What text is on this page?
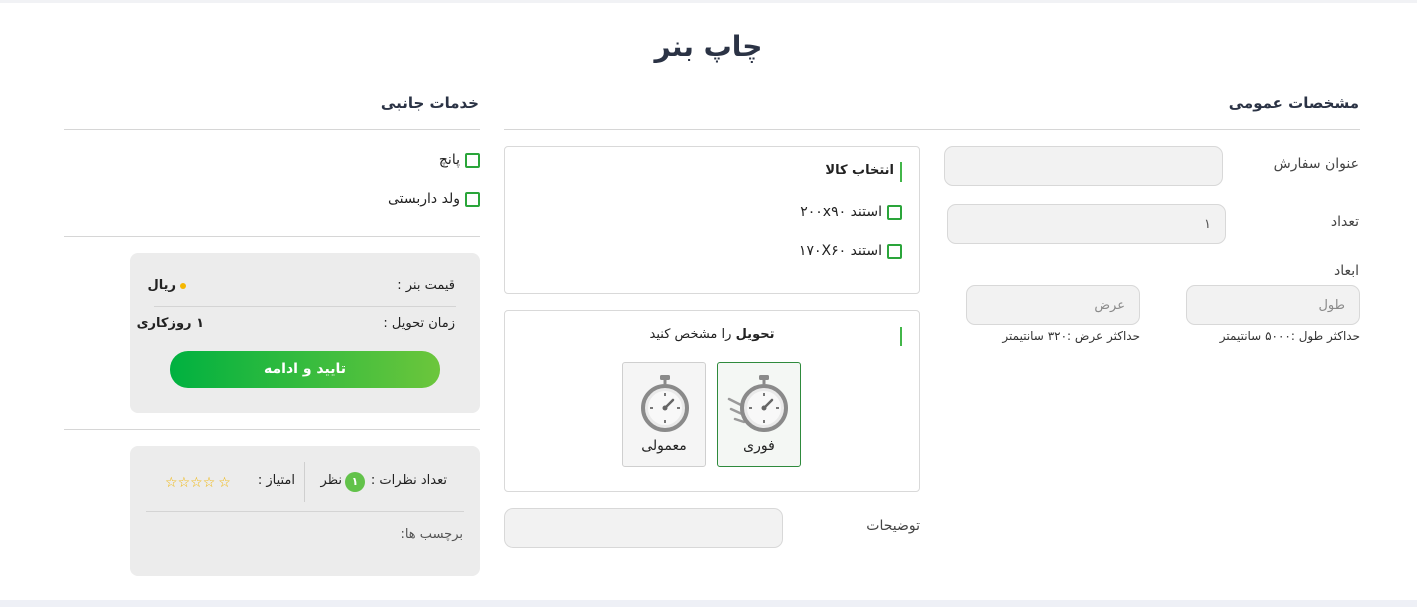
چاپ بنر
مشخصات عمومی
عنوان سفارش
تعداد
۱
ابعاد
طول
عرض
حداکثر طول :۵۰۰۰ سانتیمتر
حداکثر عرض :۳۲۰ سانتیمتر
توضیحات
انتخاب کالا
استند ۲۰۰x۹۰
استند ۱۷۰X۶۰
تحویل را مشخص کنید
فوری
معمولی
خدمات جانبی
پانچ
ولد داربستی
قیمت بنر :
ریال
زمان تحویل :
۱ روزکاری
تایید و ادامه
تعداد نظرات :
۱
نظر
امتیاز :
☆☆☆☆ ☆
برچسب ها:
